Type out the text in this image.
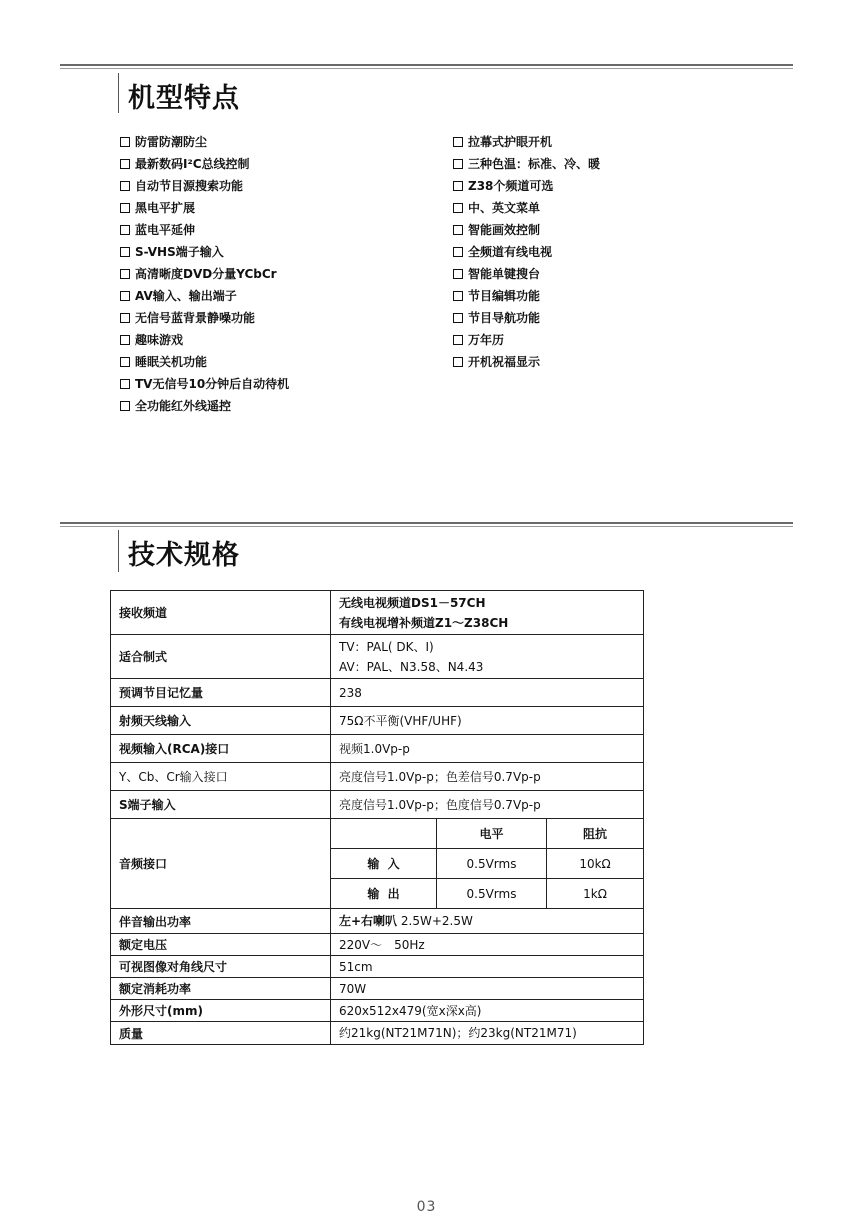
机型特点
防雷防潮防尘
最新数码I²C总线控制
自动节目源搜索功能
黑电平扩展
蓝电平延伸
S-VHS端子输入
高清晰度DVD分量YCbCr
AV输入、输出端子
无信号蓝背景静噪功能
趣味游戏
睡眠关机功能
TV无信号10分钟后自动待机
全功能红外线遥控
拉幕式护眼开机
三种色温：标准、冷、暖
Z38个频道可选
中、英文菜单
智能画效控制
全频道有线电视
智能单键搜台
节目编辑功能
节目导航功能
万年历
开机祝福显示
技术规格
接收频道	无线电视频道DS1－57CH
有线电视增补频道Z1～Z38CH		

适合制式	TV：PAL( DK、I)
AV：PAL、N3.58、N4.43		

预调节目记忆量	238		
射频天线输入	75Ω不平衡(VHF/UHF)		
视频输入(RCA)接口	视频1.0Vp-p		
Y、Cb、Cr输入接口	亮度信号1.0Vp-p；色差信号0.7Vp-p		
S端子输入	亮度信号1.0Vp-p；色度信号0.7Vp-p		
音频接口		电平	阻抗
	输  入	0.5Vrms	10kΩ
	输  出	0.5Vrms	1kΩ
伴音输出功率	左+右喇叭 2.5W+2.5W		
额定电压	220V～　50Hz		
可视图像对角线尺寸	51cm		
额定消耗功率	70W		
外形尺寸(mm)	620x512x479(宽x深x高)		
质量	约21kg(NT21M71N)；约23kg(NT21M71)		
03
